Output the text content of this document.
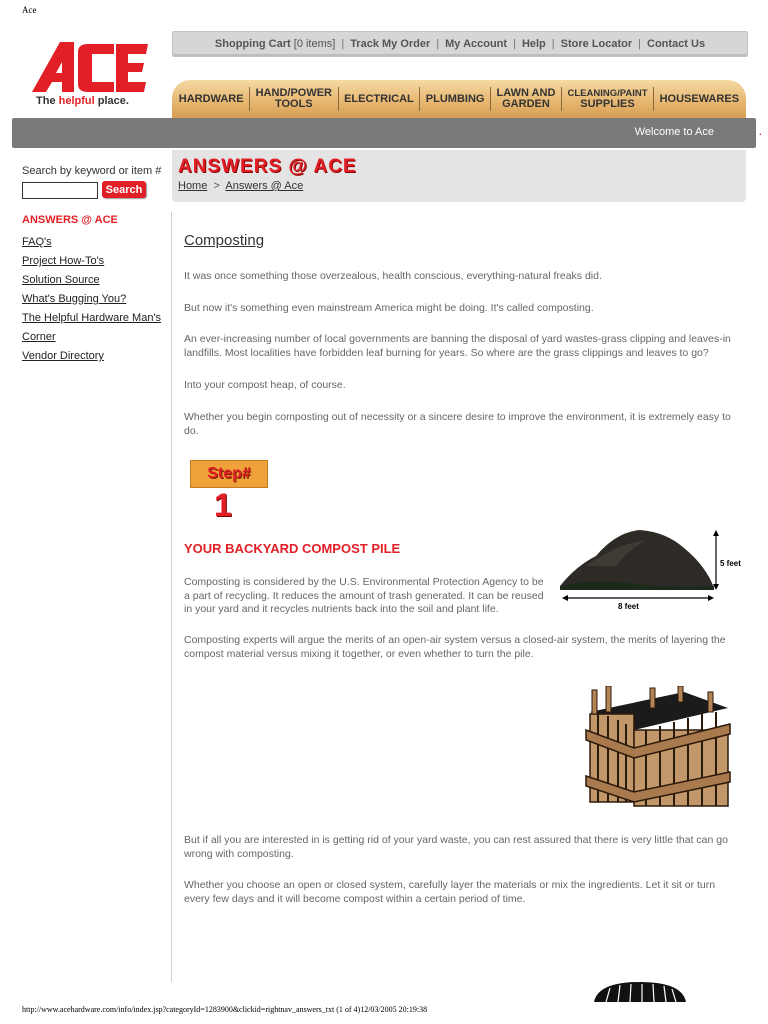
Ace
http://www.acehardware.com/info/index.jsp?categoryId=1283900&clickid=rightnav_answers_txt (1 of 4)12/03/2005 20:19:38
The helpful place.
Shopping Cart [0 items] | Track My Order | My Account | Help | Store Locator | Contact Us
HARDWARE HAND/POWER
TOOLS	ELECTRICAL PLUMBING LAWN AND
GARDEN
CLEANING/PAINT
SUPPLIES	HOUSEWARES
Welcome to Ace	.
Search by keyword or item #
Search
ANSWERS @ ACE
FAQ's
Project How-To's
Solution Source
What's Bugging You?
The Helpful Hardware Man's
Corner
Vendor Directory
ANSWERS @ ACE
Home > Answers @ Ace
Composting
It was once something those overzealous, health conscious, everything-natural freaks did.
But now it's something even mainstream America might be doing. It's called composting.
An ever-increasing number of local governments are banning the disposal of yard wastes-grass clipping and leaves-in landfills. Most localities have forbidden leaf burning for years. So where are the grass clippings and leaves to go?
Into your compost heap, of course.
Whether you begin composting out of necessity or a sincere desire to improve the environment, it is extremely easy to do.
Step#
1
YOUR BACKYARD COMPOST PILE
5 feet
8 feet
Composting is considered by the U.S. Environmental Protection Agency to be a part of recycling. It reduces the amount of trash generated. It can be reused in your yard and it recycles nutrients back into the soil and plant life.
Composting experts will argue the merits of an open-air system versus a closed-air system, the merits of layering the compost material versus mixing it together, or even whether to turn the pile.
But if all you are interested in is getting rid of your yard waste, you can rest assured that there is very little that can go wrong with composting.
Whether you choose an open or closed system, carefully layer the materials or mix the ingredients. Let it sit or turn every few days and it will become compost within a certain period of time.
